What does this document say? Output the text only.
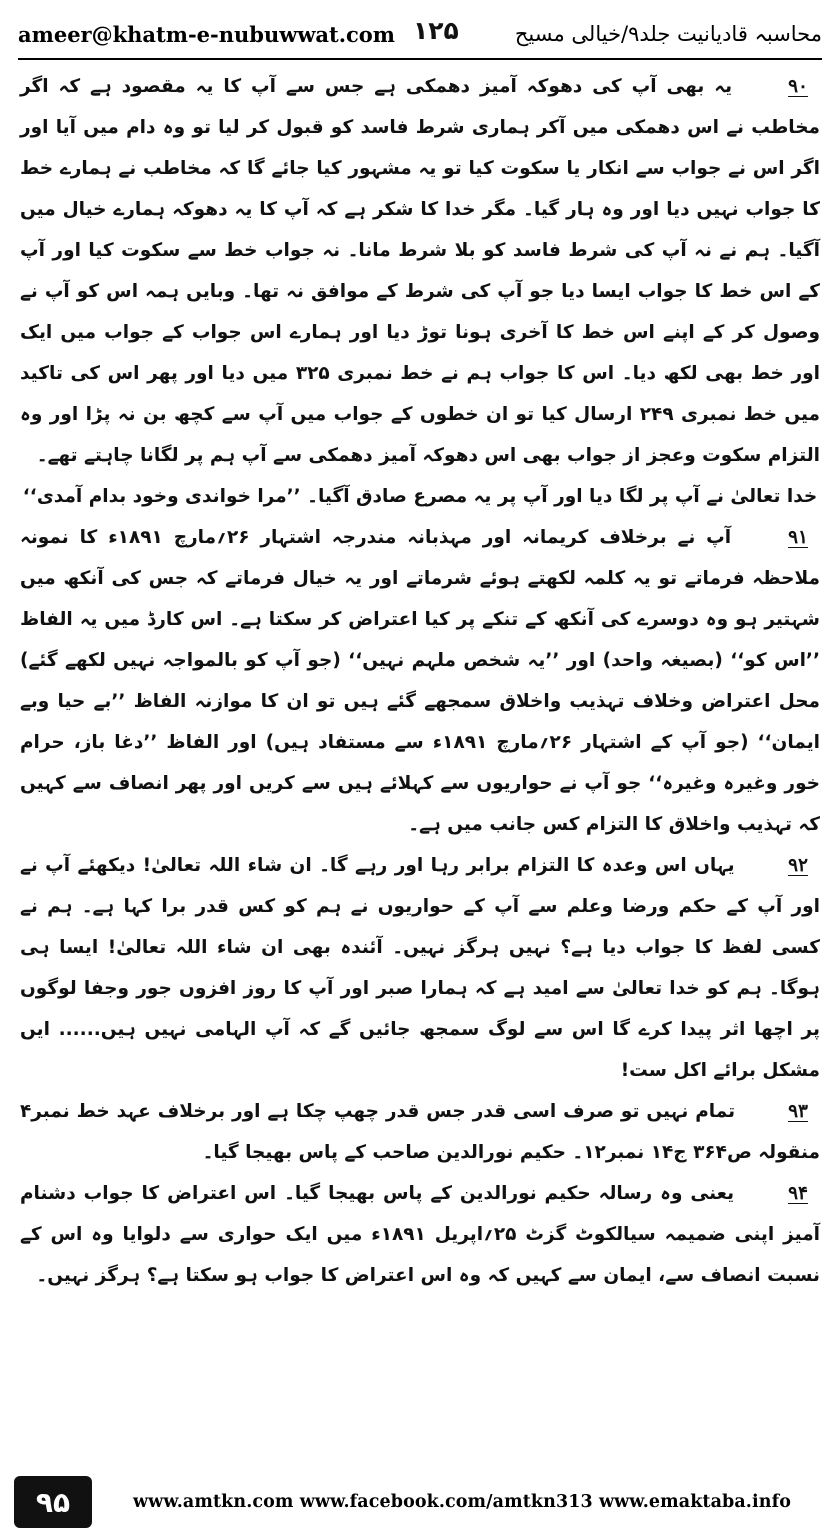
ameer@khatm-e-nubuwwat.com ۱۲۵	محاسبہ قادیانیت جلد۹/خیالی مسیح

۹۰ یہ بھی آپ کی دھوکہ آمیز دھمکی ہے جس سے آپ کا یہ مقصود ہے کہ اگر مخاطب نے اس دھمکی میں آکر ہماری شرط فاسد کو قبول کر لیا تو وہ دام میں آیا اور اگر اس نے جواب سے انکار یا سکوت کیا تو یہ مشہور کیا جائے گا کہ مخاطب نے ہمارے خط کا جواب نہیں دیا اور وہ ہار گیا۔ مگر خدا کا شکر ہے کہ آپ کا یہ دھوکہ ہمارے خیال میں آگیا۔ ہم نے نہ آپ کی شرط فاسد کو بلا شرط مانا۔ نہ جواب خط سے سکوت کیا اور آپ کے اس خط کا جواب ایسا دیا جو آپ کی شرط کے موافق نہ تھا۔ وبایں ہمہ اس کو آپ نے وصول کر کے اپنے اس خط کا آخری ہونا توڑ دیا اور ہمارے اس جواب کے جواب میں ایک اور خط بھی لکھ دیا۔ اس کا جواب ہم نے خط نمبری ۳۲۵ میں دیا اور پھر اس کی تاکید میں خط نمبری ۲۴۹ ارسال کیا تو ان خطوں کے جواب میں آپ سے کچھ بن نہ پڑا اور وہ التزام سکوت وعجز از جواب بھی اس دھوکہ آمیز دھمکی سے آپ ہم پر لگانا چاہتے تھے۔

خدا تعالیٰ نے آپ پر لگا دیا اور آپ پر یہ مصرع صادق آگیا۔ ’’مرا خواندی وخود بدام آمدی‘‘

۹۱ آپ نے برخلاف کریمانہ اور مہذبانہ مندرجہ اشتہار ۲۶؍مارچ ۱۸۹۱ء کا نمونہ ملاحظہ فرماتے تو یہ کلمہ لکھتے ہوئے شرماتے اور یہ خیال فرماتے کہ جس کی آنکھ میں شہتیر ہو وہ دوسرے کی آنکھ کے تنکے پر کیا اعتراض کر سکتا ہے۔ اس کارڈ میں یہ الفاظ ’’اس کو‘‘ (بصیغہ واحد) اور ’’یہ شخص ملہم نہیں‘‘ (جو آپ کو بالمواجہ نہیں لکھے گئے) محل اعتراض وخلاف تہذیب واخلاق سمجھے گئے ہیں تو ان کا موازنہ الفاظ ’’بے حیا وبے ایمان‘‘ (جو آپ کے اشتہار ۲۶؍مارچ ۱۸۹۱ء سے مستفاد ہیں) اور الفاظ ’’دغا باز، حرام خور وغیرہ وغیرہ‘‘ جو آپ نے حواریوں سے کہلائے ہیں سے کریں اور پھر انصاف سے کہیں کہ تہذیب واخلاق کا التزام کس جانب میں ہے۔

۹۲ یہاں اس وعدہ کا التزام برابر رہا اور رہے گا۔ ان شاء اللہ تعالیٰ! دیکھئے آپ نے اور آپ کے حکم ورضا وعلم سے آپ کے حواریوں نے ہم کو کس قدر برا کہا ہے۔ ہم نے کسی لفظ کا جواب دیا ہے؟ نہیں ہرگز نہیں۔ آئندہ بھی ان شاء اللہ تعالیٰ! ایسا ہی ہوگا۔ ہم کو خدا تعالیٰ سے امید ہے کہ ہمارا صبر اور آپ کا روز افزوں جور وجفا لوگوں پر اچھا اثر پیدا کرے گا اس سے لوگ سمجھ جائیں گے کہ آپ الہامی نہیں ہیں...... ایں مشکل برائے اکل ست!

۹۳ تمام نہیں تو صرف اسی قدر جس قدر چھپ چکا ہے اور برخلاف عہد خط نمبر۴ منقولہ ص۳۶۴ ج۱۴ نمبر۱۲۔ حکیم نورالدین صاحب کے پاس بھیجا گیا۔

۹۴ یعنی وہ رسالہ حکیم نورالدین کے پاس بھیجا گیا۔ اس اعتراض کا جواب دشنام آمیز اپنی ضمیمہ سیالکوٹ گزٹ ۲۵؍اپریل ۱۸۹۱ء میں ایک حواری سے دلوایا وہ اس کے نسبت انصاف سے، ایمان سے کہیں کہ وہ اس اعتراض کا جواب ہو سکتا ہے؟ ہرگز نہیں۔

۹۵	www.amtkn.com www.facebook.com/amtkn313 www.emaktaba.info
